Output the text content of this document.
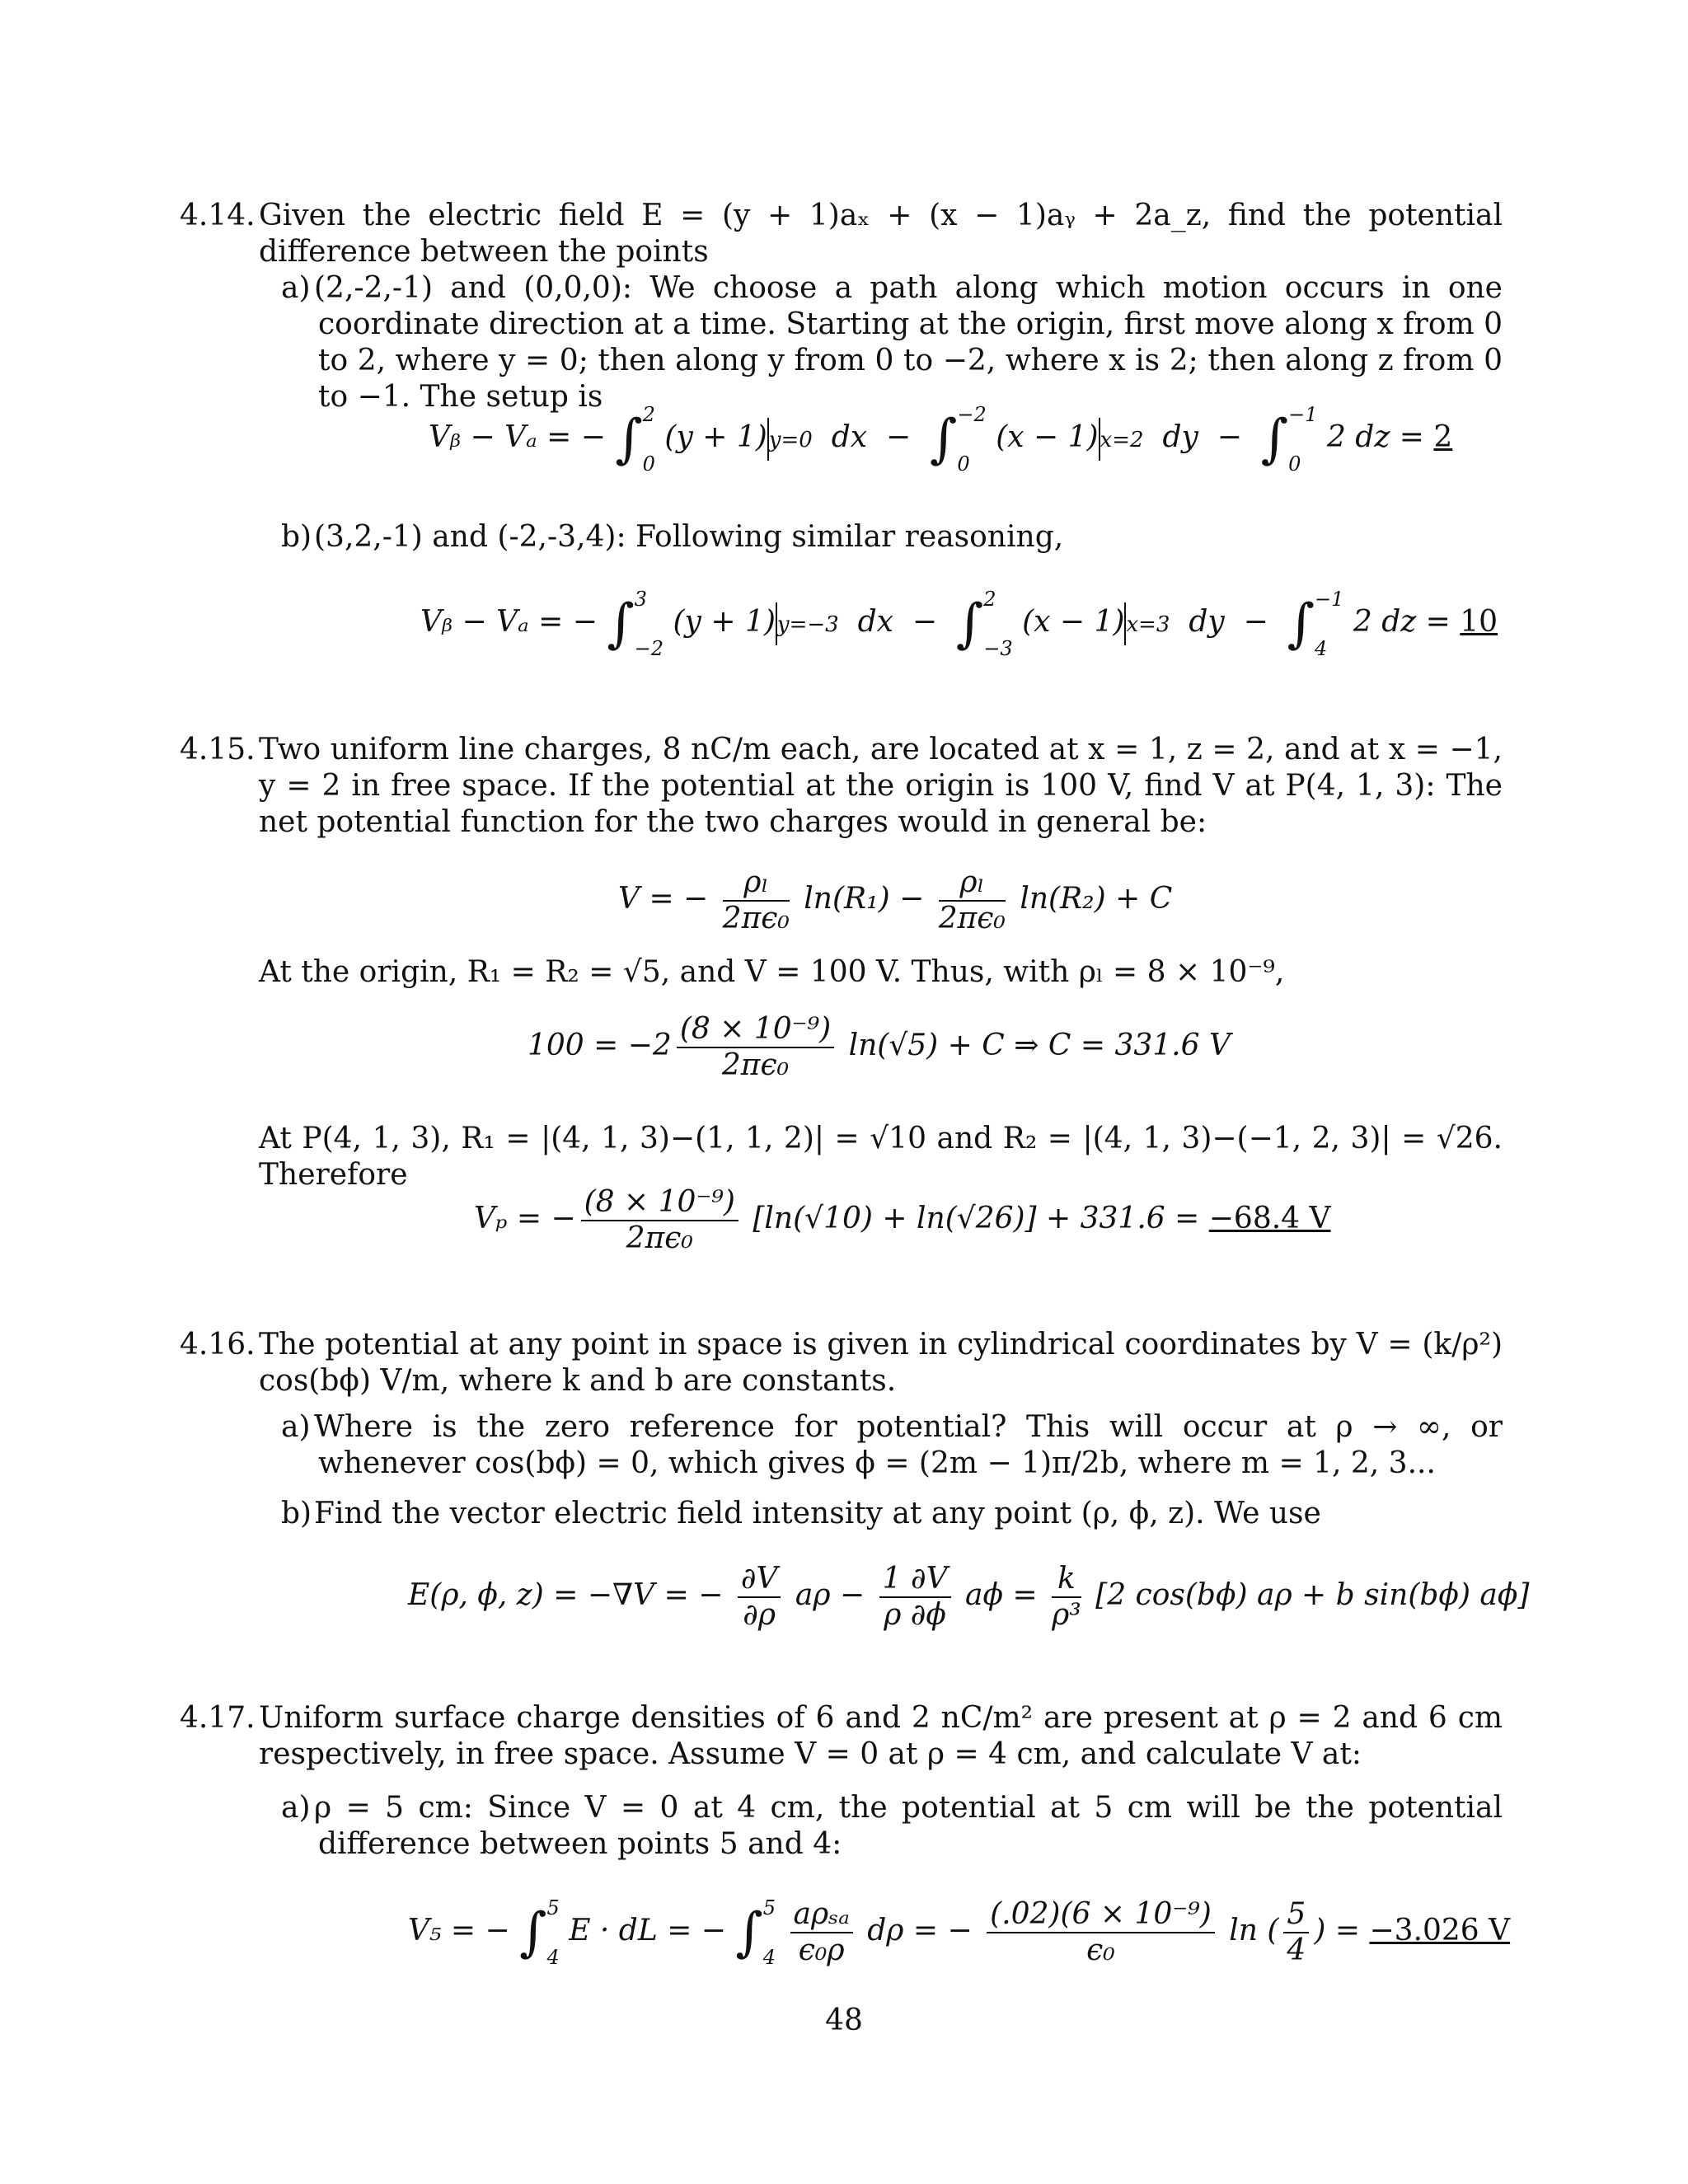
4.14. Given the electric field E = (y + 1)aₓ + (x − 1)aᵧ + 2a_z, find the potential difference between the points
a) (2,-2,-1) and (0,0,0): We choose a path along which motion occurs in one coordinate direction at a time. Starting at the origin, first move along x from 0 to 2, where y = 0; then along y from 0 to −2, where x is 2; then along z from 0 to −1. The setup is
Vᵦ − Vₐ = − ∫2

0 (y + 1)y=0 dx  −  ∫−2

0 (x − 1)x=2 dy  −  ∫−1

0 2 dz = 2
b)(3,2,-1) and (-2,-3,4): Following similar reasoning,
Vᵦ − Vₐ = − ∫3

−2 (y + 1)y=−3 dx  −  ∫2

−3 (x − 1)x=3 dy  −  ∫−1

4 2 dz = 10
4.15. Two uniform line charges, 8 nC/m each, are located at x = 1, z = 2, and at x = −1, y = 2 in free space. If the potential at the origin is 100 V, find V at P(4, 1, 3): The net potential function for the two charges would in general be:
V = − $\frac{\text{ρₗ}}{\text{2πϵ₀}} \ln(R_1) - \frac{\text{ρₗ}}{\text{2πϵ₀}} \ln(R_2) + C$
At the origin, R₁ = R₂ = √5, and V = 100 V. Thus, with ρₗ = 8 × 10⁻⁹,
$100 = -2 \frac{\text{(8 × 10⁻⁹)}}{\text{2πϵ₀}} \ln(√5) + C$ ⇒ C = 331.6 V
At P(4, 1, 3), R₁ = |(4, 1, 3)−(1, 1, 2)| = √10 and R₂ = |(4, 1, 3)−(−1, 2, 3)| = √26. Therefore
Vₚ = − $\frac{\text{(8 × 10⁻⁹)}}{\text{2πϵ₀}} [\ln(√10) + \ln(√26)] + 331.6 = -68.4$ V
4.16. The potential at any point in space is given in cylindrical coordinates by V = (k/ρ²) cos(bϕ) V/m, where k and b are constants.
a) Where is the zero reference for potential? This will occur at ρ → ∞, or whenever cos(bϕ) = 0, which gives ϕ = (2m − 1)π/2b, where m = 1, 2, 3...
b)Find the vector electric field intensity at any point (ρ, ϕ, z). We use
E(ρ, ϕ, z) = −∇V = − $\frac{\partial V}{\partial\rho}$ $a\rho - \frac{1 \partial V}{\rho \partial\phi}$ $a\phi = \frac{k}{\text{ρ³}} [2$ cos(bϕ) aρ + b sin(bϕ) aϕ]
4.17. Uniform surface charge densities of 6 and 2 nC/m² are present at ρ = 2 and 6 cm respectively, in free space. Assume V = 0 at ρ = 4 cm, and calculate V at:
a) ρ = 5 cm: Since V = 0 at 4 cm, the potential at 5 cm will be the potential difference between points 5 and 4:
V₅ = − ∫5

4 E · dL = − ∫5

$4 \frac{\text{aρₛₐ}}{\text{ϵ₀ρ}}$ dρ = − $\frac{\text{(.02)(6 × 10⁻⁹)}}{\text{ϵ₀}}$ ln ( $\frac{5}{4}$ ) = −3.026 V
48
